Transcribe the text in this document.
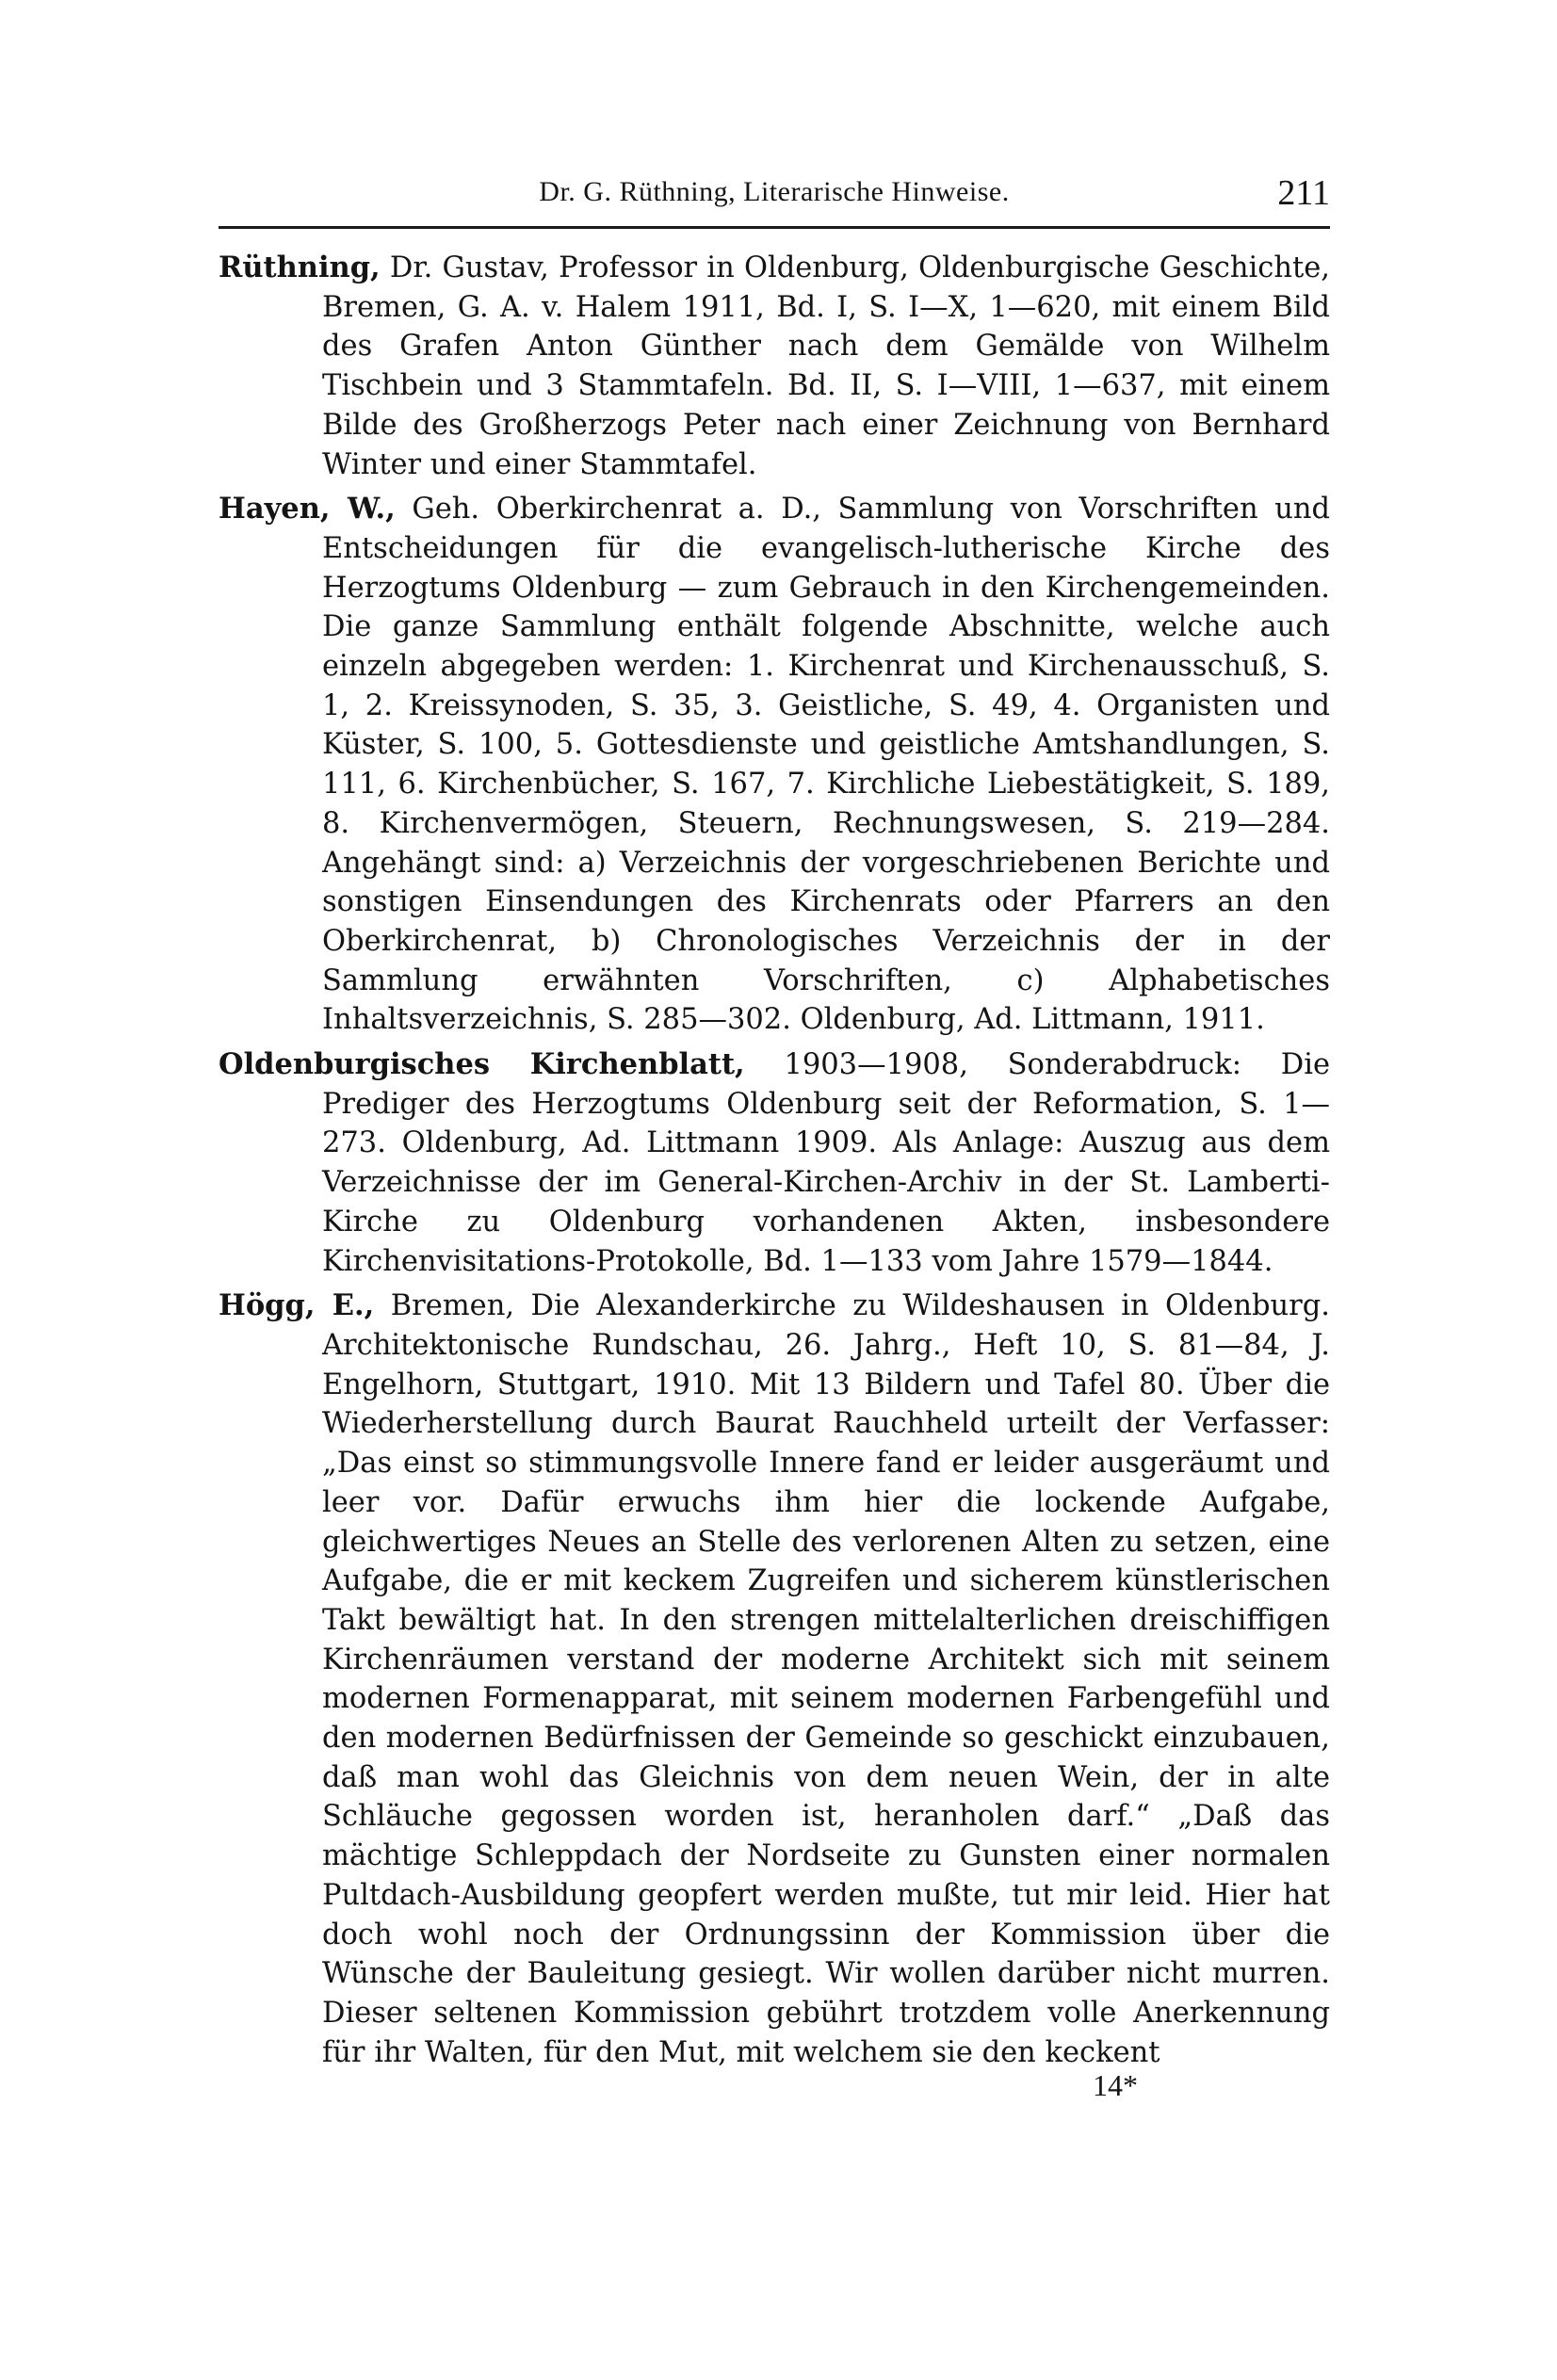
Dr. G. Rüthning, Literarische Hinweise.	211

Rüthning, Dr. Gustav, Professor in Oldenburg, Oldenburgische Geschichte, Bremen, G. A. v. Halem 1911, Bd. I, S. I—X, 1—620, mit einem Bild des Grafen Anton Günther nach dem Gemälde von Wilhelm Tischbein und 3 Stammtafeln. Bd. II, S. I—VIII, 1—637, mit einem Bilde des Großherzogs Peter nach einer Zeichnung von Bernhard Winter und einer Stammtafel.

Hayen, W., Geh. Oberkirchenrat a. D., Sammlung von Vorschriften und Entscheidungen für die evangelisch-lutherische Kirche des Herzogtums Oldenburg — zum Gebrauch in den Kirchengemeinden. Die ganze Sammlung enthält folgende Abschnitte, welche auch einzeln abgegeben werden: 1. Kirchenrat und Kirchenausschuß, S. 1, 2. Kreissynoden, S. 35, 3. Geistliche, S. 49, 4. Organisten und Küster, S. 100, 5. Gottesdienste und geistliche Amtshandlungen, S. 111, 6. Kirchenbücher, S. 167, 7. Kirchliche Liebestätigkeit, S. 189, 8. Kirchenvermögen, Steuern, Rechnungswesen, S. 219—284. Angehängt sind: a) Verzeichnis der vorgeschriebenen Berichte und sonstigen Einsendungen des Kirchenrats oder Pfarrers an den Oberkirchenrat, b) Chronologisches Verzeichnis der in der Sammlung erwähnten Vorschriften, c) Alphabetisches Inhaltsverzeichnis, S. 285—302. Oldenburg, Ad. Littmann, 1911.

Oldenburgisches Kirchenblatt, 1903—1908, Sonderabdruck: Die Prediger des Herzogtums Oldenburg seit der Reformation, S. 1—273. Oldenburg, Ad. Littmann 1909. Als Anlage: Auszug aus dem Verzeichnisse der im General-Kirchen-Archiv in der St. Lamberti-Kirche zu Oldenburg vorhandenen Akten, insbesondere Kirchenvisitations-Protokolle, Bd. 1—133 vom Jahre 1579—1844.

Högg, E., Bremen, Die Alexanderkirche zu Wildeshausen in Oldenburg. Architektonische Rundschau, 26. Jahrg., Heft 10, S. 81—84, J. Engelhorn, Stuttgart, 1910. Mit 13 Bildern und Tafel 80. Über die Wiederherstellung durch Baurat Rauchheld urteilt der Verfasser: „Das einst so stimmungsvolle Innere fand er leider ausgeräumt und leer vor. Dafür erwuchs ihm hier die lockende Aufgabe, gleichwertiges Neues an Stelle des verlorenen Alten zu setzen, eine Aufgabe, die er mit keckem Zugreifen und sicherem künstlerischen Takt bewältigt hat. In den strengen mittelalterlichen dreischiffigen Kirchenräumen verstand der moderne Architekt sich mit seinem modernen Formenapparat, mit seinem modernen Farbengefühl und den modernen Bedürfnissen der Gemeinde so geschickt einzubauen, daß man wohl das Gleichnis von dem neuen Wein, der in alte Schläuche gegossen worden ist, heranholen darf.“ „Daß das mächtige Schleppdach der Nordseite zu Gunsten einer normalen Pultdach-Ausbildung geopfert werden mußte, tut mir leid. Hier hat doch wohl noch der Ordnungssinn der Kommission über die Wünsche der Bauleitung gesiegt. Wir wollen darüber nicht murren. Dieser seltenen Kommission gebührt trotzdem volle Anerkennung für ihr Walten, für den Mut, mit welchem sie den keckent

14*
